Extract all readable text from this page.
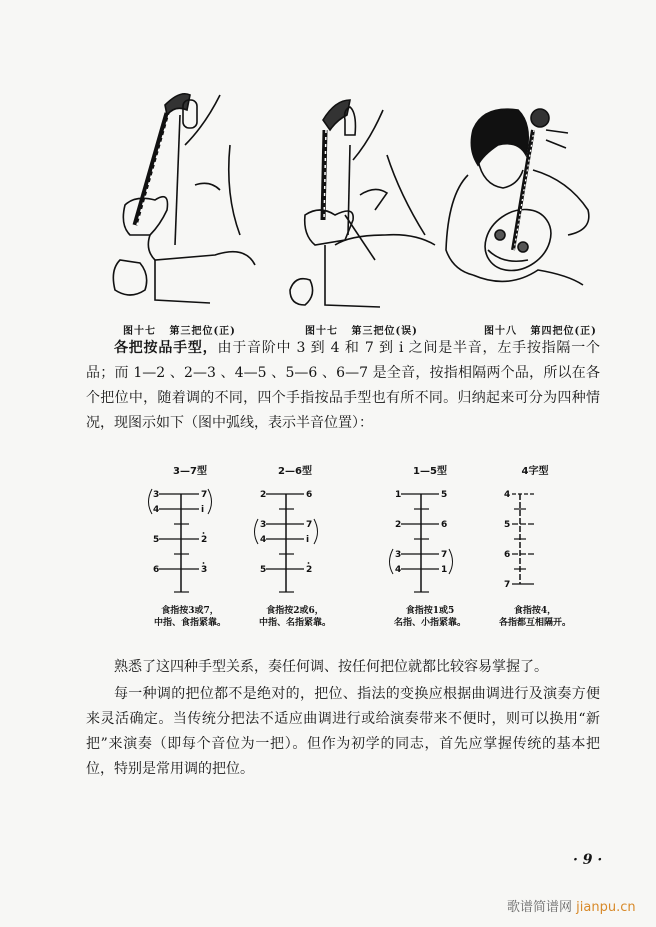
图十七 第三把位(正)	图十七 第三把位(误)	图十八 第四把位(正)

各把按品手型，由于音阶中 3 到 4 和 7 到 i̇ 之间是半音，左手按指隔一个品；而 1—2 、2—3 、4—5 、5—6 、6—7 是全音，按指相隔两个品，所以在各个把位中，随着调的不同，四个手指按品手型也有所不同。归纳起来可分为四种情况，现图示如下（图中弧线，表示半音位置）：

3—7型
3	7
4	i
5	2
6	3
食指按3或7，
中指、食指紧靠。
2—6型
2	6
3	7
4	i
5	2
食指按2或6，
中指、名指紧靠。
1—5型
1	5
2	6
3	7
4	1
食指按1或5
名指、小指紧靠。
4字型
4
5
6
7
食指按4，
各指都互相隔开。

熟悉了这四种手型关系，奏任何调、按任何把位就都比较容易掌握了。

每一种调的把位都不是绝对的，把位、指法的变换应根据曲调进行及演奏方便来灵活确定。当传统分把法不适应曲调进行或给演奏带来不便时，则可以换用“新把”来演奏（即每个音位为一把）。但作为初学的同志，首先应掌握传统的基本把位，特别是常用调的把位。

· 9 ·
歌谱简谱网 jianpu.cn
